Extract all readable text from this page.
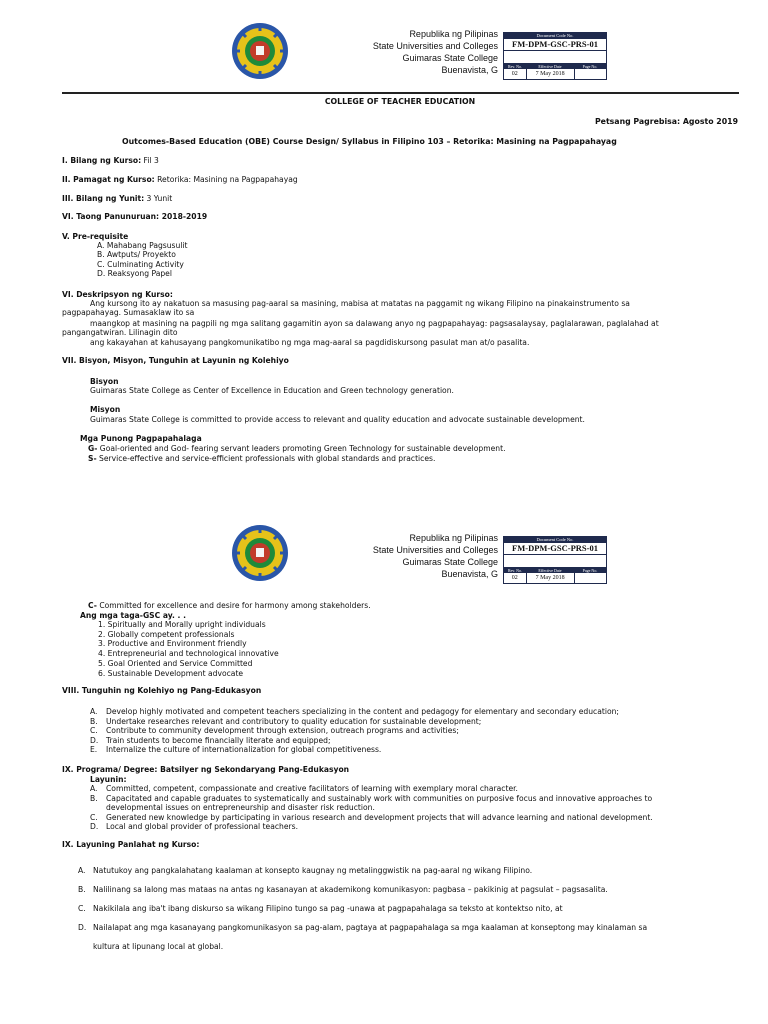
Republika ng Pilipinas
State Universities and Colleges
Guimaras State College
Buenavista, G
Document Code No.
FM-DPM-GSC-PRS-01
Rev. No.	Effective Date	Page No.
02	7 May 2018
COLLEGE OF TEACHER EDUCATION
Petsang Pagrebisa: Agosto 2019
Outcomes-Based Education (OBE) Course Design/ Syllabus in Filipino 103 – Retorika: Masining na Pagpapahayag
I. Bilang ng Kurso: Fil 3
II. Pamagat ng Kurso: Retorika: Masining na Pagpapahayag
III. Bilang ng Yunit: 3 Yunit
VI. Taong Panunuruan: 2018-2019
V. Pre-requisite
A. Mahabang Pagsusulit
B. Awtputs/ Proyekto
C. Culminating Activity
D. Reaksyong Papel
VI. Deskripsyon ng Kurso:
Ang kursong ito ay nakatuon sa masusing pag-aaral sa masining, mabisa at matatas na paggamit ng wikang Filipino na pinakainstrumento sa
pagpapahayag. Sumasaklaw ito sa
maangkop at masining na pagpili ng mga salitang gagamitin ayon sa dalawang anyo ng pagpapahayag: pagsasalaysay, paglalarawan, paglalahad at
pangangatwiran. Lilinagin dito
ang kakayahan at kahusayang pangkomunikatibo ng mga mag-aaral sa pagdidiskursong pasulat man at/o pasalita.
VII. Bisyon, Misyon, Tunguhin at Layunin ng Kolehiyo
Bisyon
Guimaras State College as Center of Excellence in Education and Green technology generation.
Misyon
Guimaras State College is committed to provide access to relevant and quality education and advocate sustainable development.
Mga Punong Pagpapahalaga
G- Goal-oriented and God- fearing servant leaders promoting Green Technology for sustainable development.
S- Service-effective and service-efficient professionals with global standards and practices.
Republika ng Pilipinas
State Universities and Colleges
Guimaras State College
Buenavista, G
Document Code No.
FM-DPM-GSC-PRS-01
Rev. No.	Effective Date	Page No.
02	7 May 2018
C- Committed for excellence and desire for harmony among stakeholders.
Ang mga taga-GSC ay. . .
1. Spiritually and Morally upright individuals
2. Globally competent professionals
3. Productive and Environment friendly
4. Entrepreneurial and technological innovative
5. Goal Oriented and Service Committed
6. Sustainable Development advocate
VIII. Tunguhin ng Kolehiyo ng Pang-Edukasyon
A. Develop highly motivated and competent teachers specializing in the content and pedagogy for elementary and secondary education;
B. Undertake researches relevant and contributory to quality education for sustainable development;
C. Contribute to community development through extension, outreach programs and activities;
D. Train students to become financially literate and equipped;
E. Internalize the culture of internationalization for global competitiveness.
IX. Programa/ Degree: Batsilyer ng Sekondaryang Pang-Edukasyon
Layunin:
A. Committed, competent, compassionate and creative facilitators of learning with exemplary moral character.
B. Capacitated and capable graduates to systematically and sustainably work with communities on purposive focus and innovative approaches to
developmental issues on entrepreneurship and disaster risk reduction.
C. Generated new knowledge by participating in various research and development projects that will advance learning and national development.
D. Local and global provider of professional teachers.
IX. Layuning Panlahat ng Kurso:
A. Natutukoy ang pangkalahatang kaalaman at konsepto kaugnay ng metalinggwistik na pag-aaral ng wikang Filipino.
B. Nalilinang sa lalong mas mataas na antas ng kasanayan at akademikong komunikasyon: pagbasa – pakikinig at pagsulat – pagsasalita.
C. Nakikilala ang iba't ibang diskurso sa wikang Filipino tungo sa pag -unawa at pagpapahalaga sa teksto at kontektso nito, at
D. Nailalapat ang mga kasanayang pangkomunikasyon sa pag-alam, pagtaya at pagpapahalaga sa mga kaalaman at konseptong may kinalaman sa
kultura at lipunang local at global.
